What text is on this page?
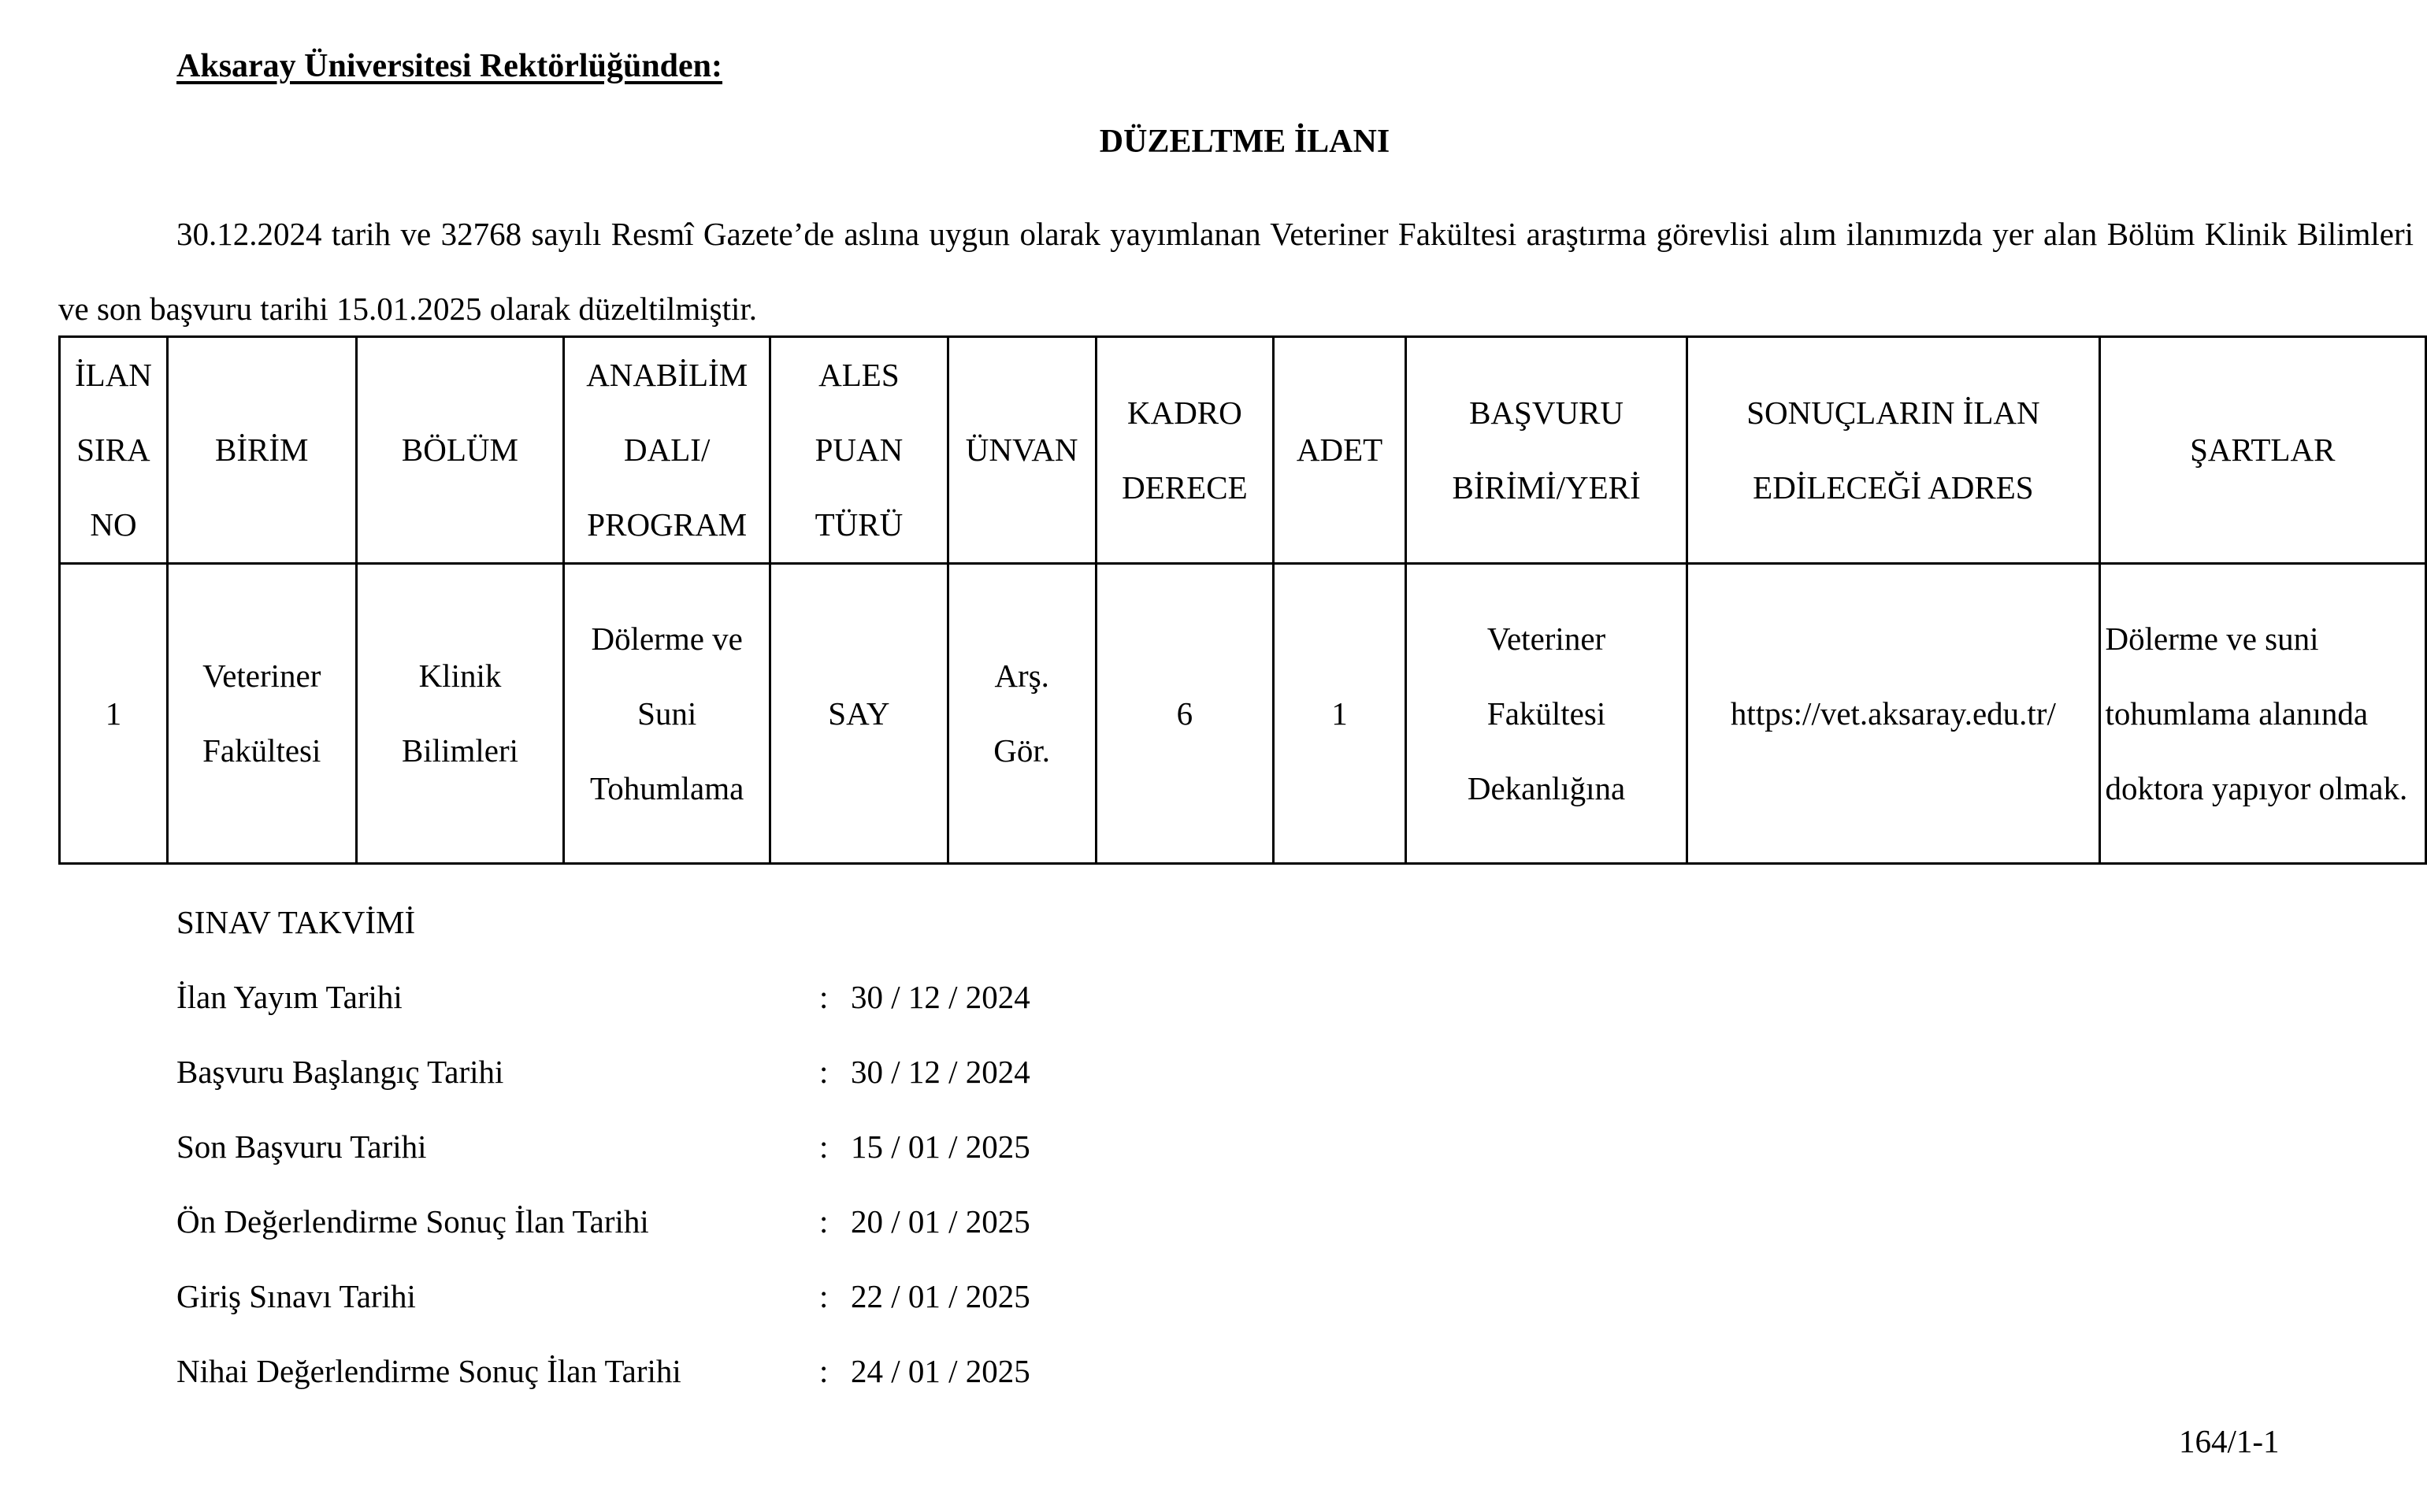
Aksaray Üniversitesi Rektörlüğünden:
DÜZELTME İLANI
30.12.2024 tarih ve 32768 sayılı Resmî Gazete’de aslına uygun olarak yayımlanan Veteriner Fakültesi araştırma görevlisi alım ilanımızda yer alan Bölüm Klinik Bilimleri ve son başvuru tarihi 15.01.2025 olarak düzeltilmiştir.
İLAN SIRA NO	BİRİM	BÖLÜM	ANABİLİM DALI/ PROGRAM	ALES PUAN TÜRÜ	ÜNVAN	KADRO DERECE	ADET	BAŞVURU BİRİMİ/YERİ	SONUÇLARIN İLAN EDİLECEĞİ ADRES	ŞARTLAR
1	Veteriner Fakültesi	Klinik Bilimleri	Dölerme ve Suni Tohumlama	SAY	Arş. Gör.	6	1	Veteriner Fakültesi Dekanlığına	https://vet.aksaray.edu.tr/	Dölerme ve suni tohumlama alanında doktora yapıyor olmak.
SINAV TAKVİMİ
İlan Yayım Tarihi	: 30 / 12 / 2024
Başvuru Başlangıç Tarihi	: 30 / 12 / 2024
Son Başvuru Tarihi	: 15 / 01 / 2025
Ön Değerlendirme Sonuç İlan Tarihi	: 20 / 01 / 2025
Giriş Sınavı Tarihi	: 22 / 01 / 2025
Nihai Değerlendirme Sonuç İlan Tarihi	: 24 / 01 / 2025
164/1-1
